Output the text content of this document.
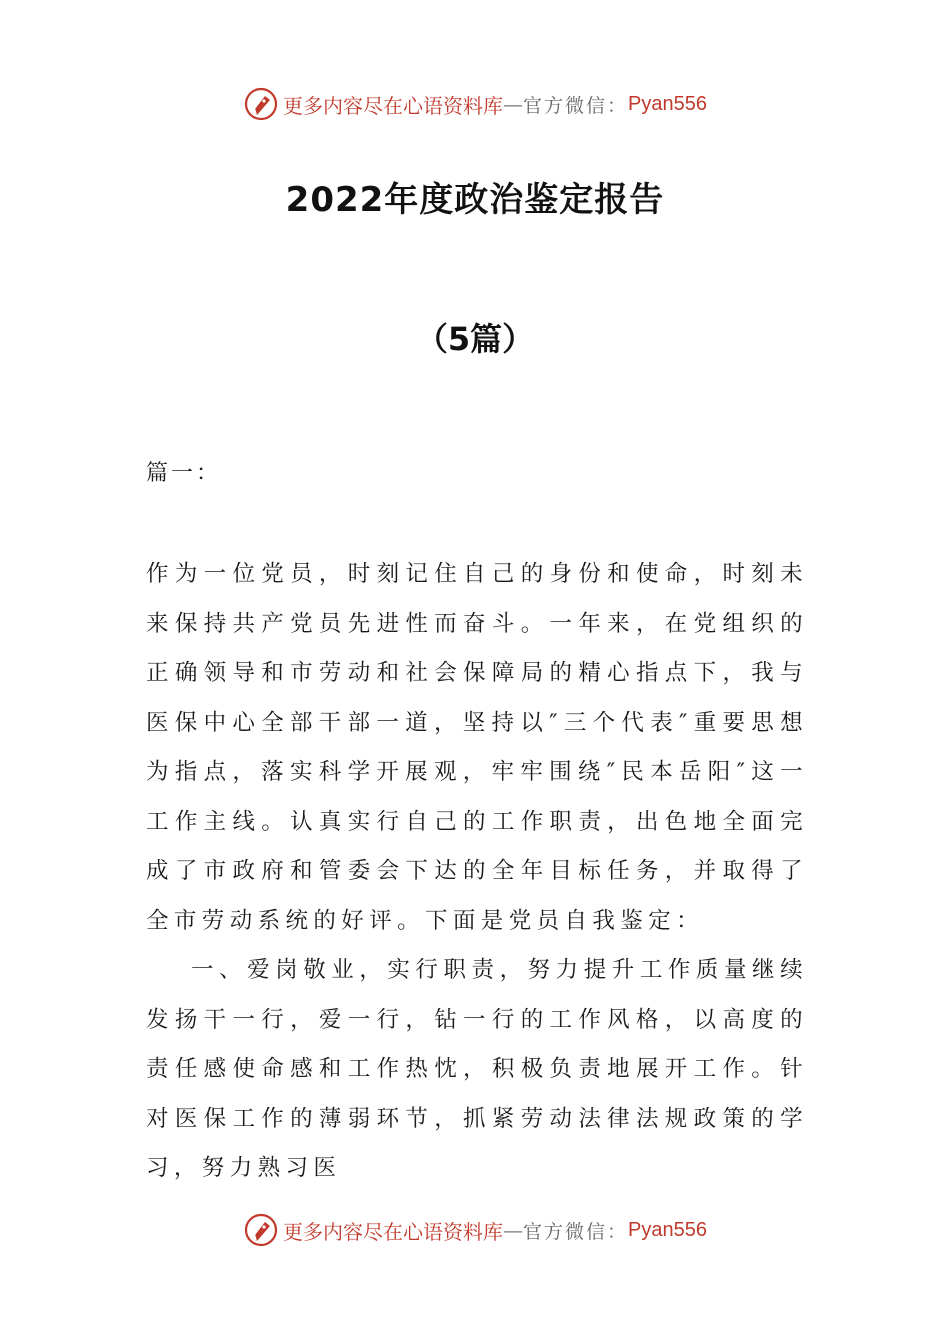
更多内容尽在心语资料库 — 官方微信： Pyan556
2022年度政治鉴定报告
（5篇）
篇一：

作为一位党员，时刻记住自己的身份和使命，时刻未来保持共产党员先进性而奋斗。一年来，在党组织的正确领导和市劳动和社会保障局的精心指点下，我与医保中心全部干部一道，坚持以″三个代表″重要思想为指点，落实科学开展观，牢牢围绕″民本岳阳″这一工作主线。认真实行自己的工作职责，出色地全面完成了市政府和管委会下达的全年目标任务，并取得了全市劳动系统的好评。下面是党员自我鉴定：

一、爱岗敬业，实行职责，努力提升工作质量继续发扬干一行，爱一行，钻一行的工作风格，以高度的责任感使命感和工作热忱，积极负责地展开工作。针对医保工作的薄弱环节，抓紧劳动法律法规政策的学习，努力熟习医

更多内容尽在心语资料库 — 官方微信： Pyan556
